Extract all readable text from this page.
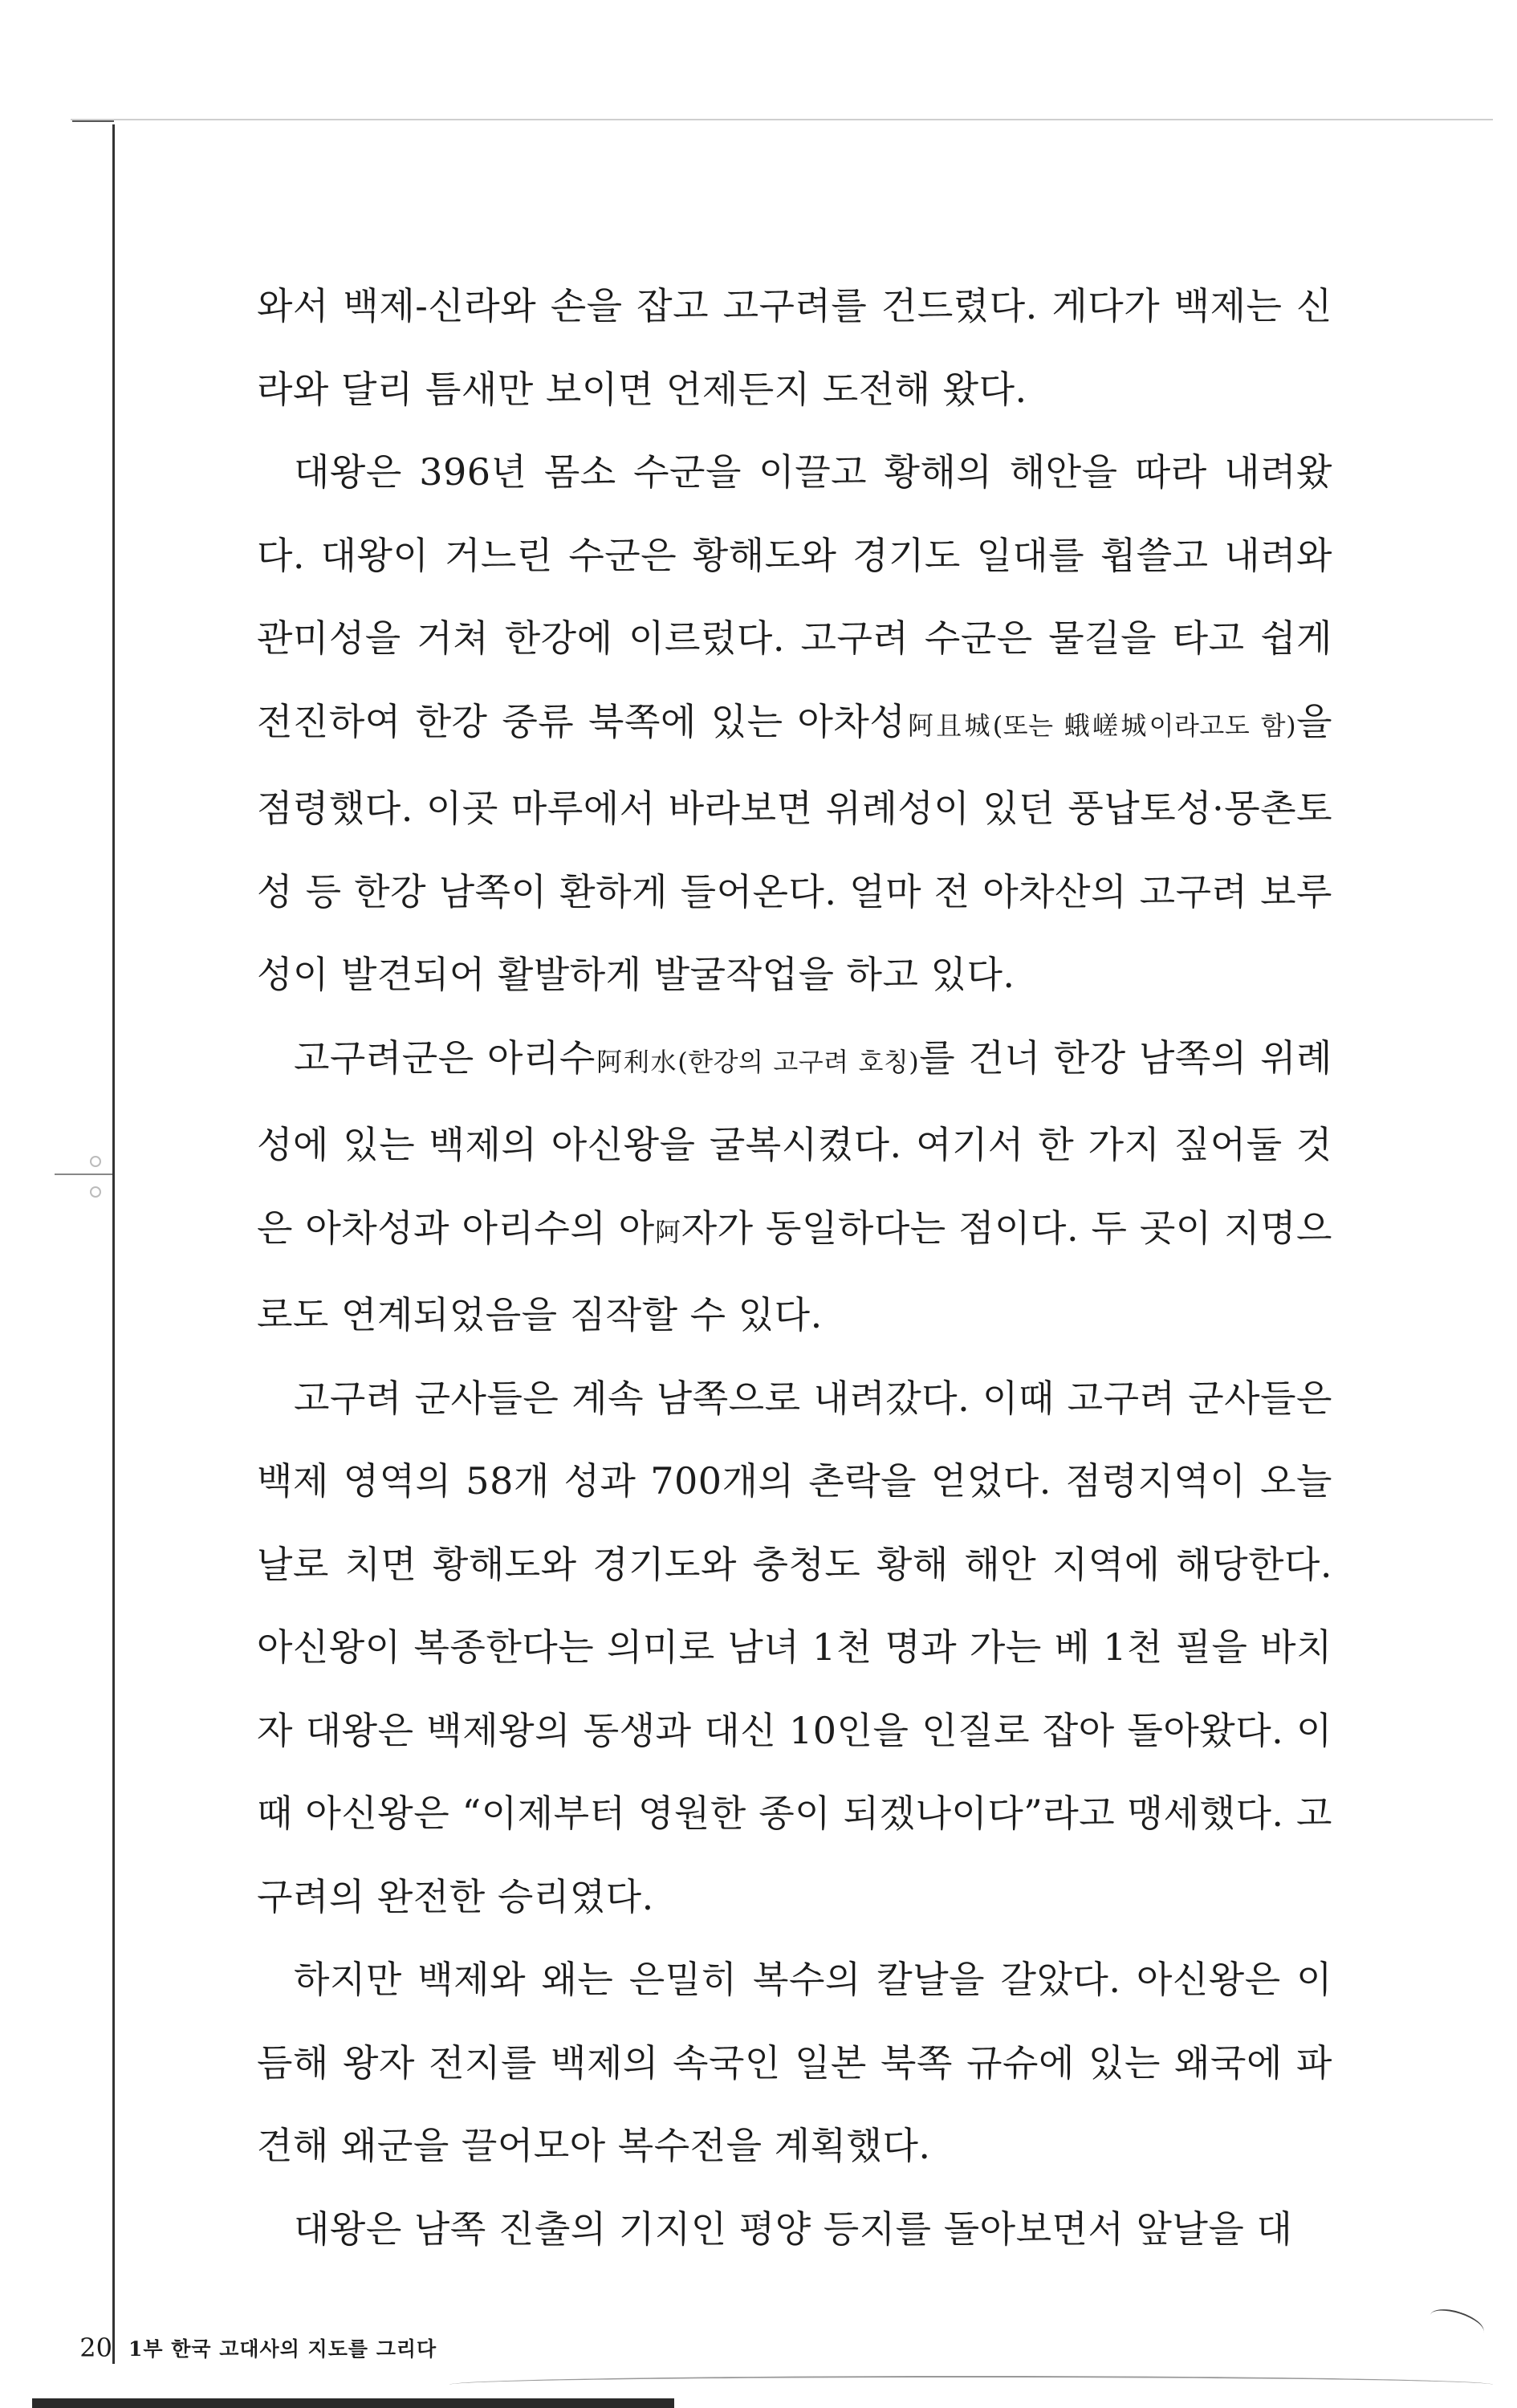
와서 백제-신라와 손을 잡고 고구려를 건드렸다. 게다가 백제는 신라와 달리 틈새만 보이면 언제든지 도전해 왔다.

대왕은 396년 몸소 수군을 이끌고 황해의 해안을 따라 내려왔다. 대왕이 거느린 수군은 황해도와 경기도 일대를 휩쓸고 내려와 관미성을 거쳐 한강에 이르렀다. 고구려 수군은 물길을 타고 쉽게 전진하여 한강 중류 북쪽에 있는 아차성阿且城(또는 蛾嵯城이라고도 함)을 점령했다. 이곳 마루에서 바라보면 위례성이 있던 풍납토성·몽촌토성 등 한강 남쪽이 환하게 들어온다. 얼마 전 아차산의 고구려 보루성이 발견되어 활발하게 발굴작업을 하고 있다.

고구려군은 아리수阿利水(한강의 고구려 호칭)를 건너 한강 남쪽의 위례성에 있는 백제의 아신왕을 굴복시켰다. 여기서 한 가지 짚어둘 것은 아차성과 아리수의 아阿자가 동일하다는 점이다. 두 곳이 지명으로도 연계되었음을 짐작할 수 있다.

고구려 군사들은 계속 남쪽으로 내려갔다. 이때 고구려 군사들은 백제 영역의 58개 성과 700개의 촌락을 얻었다. 점령지역이 오늘날로 치면 황해도와 경기도와 충청도 황해 해안 지역에 해당한다. 아신왕이 복종한다는 의미로 남녀 1천 명과 가는 베 1천 필을 바치자 대왕은 백제왕의 동생과 대신 10인을 인질로 잡아 돌아왔다. 이때 아신왕은 “이제부터 영원한 종이 되겠나이다”라고 맹세했다. 고구려의 완전한 승리였다.

하지만 백제와 왜는 은밀히 복수의 칼날을 갈았다. 아신왕은 이듬해 왕자 전지를 백제의 속국인 일본 북쪽 규슈에 있는 왜국에 파견해 왜군을 끌어모아 복수전을 계획했다.

대왕은 남쪽 진출의 기지인 평양 등지를 돌아보면서 앞날을 대

20 1부 한국 고대사의 지도를 그리다
